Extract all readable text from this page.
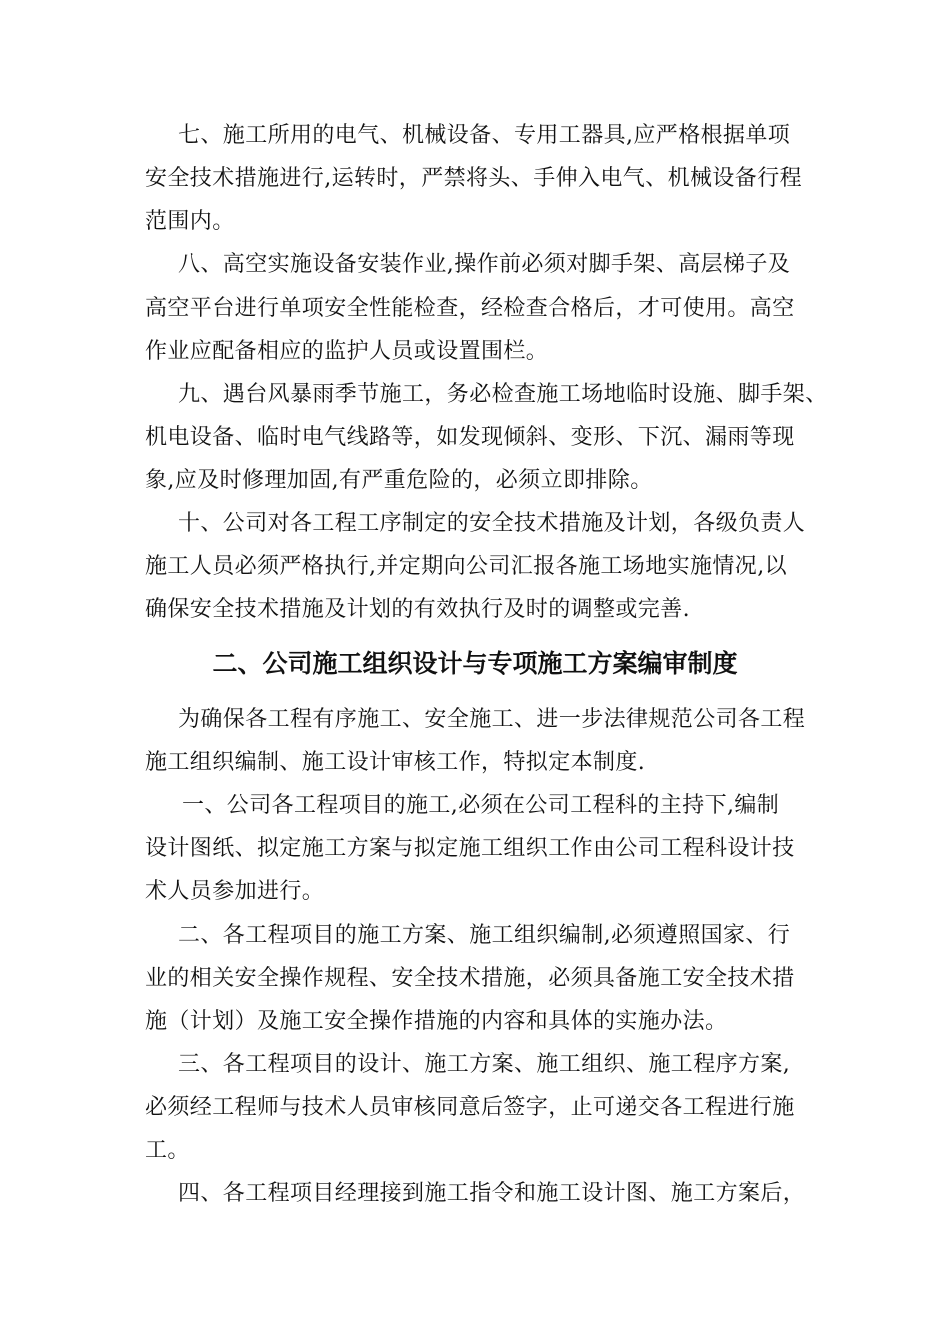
七、施工所用的电气、机械设备、专用工器具,应严格根据单项
安全技术措施进行,运转时，严禁将头、手伸入电气、机械设备行程
范围内。
八、高空实施设备安装作业,操作前必须对脚手架、高层梯子及
高空平台进行单项安全性能检查，经检查合格后，才可使用。高空
作业应配备相应的监护人员或设置围栏。
九、遇台风暴雨季节施工，务必检查施工场地临时设施、脚手架、
机电设备、临时电气线路等，如发现倾斜、变形、下沉、漏雨等现
象,应及时修理加固,有严重危险的，必须立即排除。
十、公司对各工程工序制定的安全技术措施及计划，各级负责人
施工人员必须严格执行,并定期向公司汇报各施工场地实施情况,以
确保安全技术措施及计划的有效执行及时的调整或完善.
二、公司施工组织设计与专项施工方案编审制度
为确保各工程有序施工、安全施工、进一步法律规范公司各工程
施工组织编制、施工设计审核工作，特拟定本制度.
一、公司各工程项目的施工,必须在公司工程科的主持下,编制
设计图纸、拟定施工方案与拟定施工组织工作由公司工程科设计技
术人员参加进行。
二、各工程项目的施工方案、施工组织编制,必须遵照国家、行
业的相关安全操作规程、安全技术措施，必须具备施工安全技术措
施（计划）及施工安全操作措施的内容和具体的实施办法。
三、各工程项目的设计、施工方案、施工组织、施工程序方案,
必须经工程师与技术人员审核同意后签字，止可递交各工程进行施
工。
四、各工程项目经理接到施工指令和施工设计图、施工方案后，
